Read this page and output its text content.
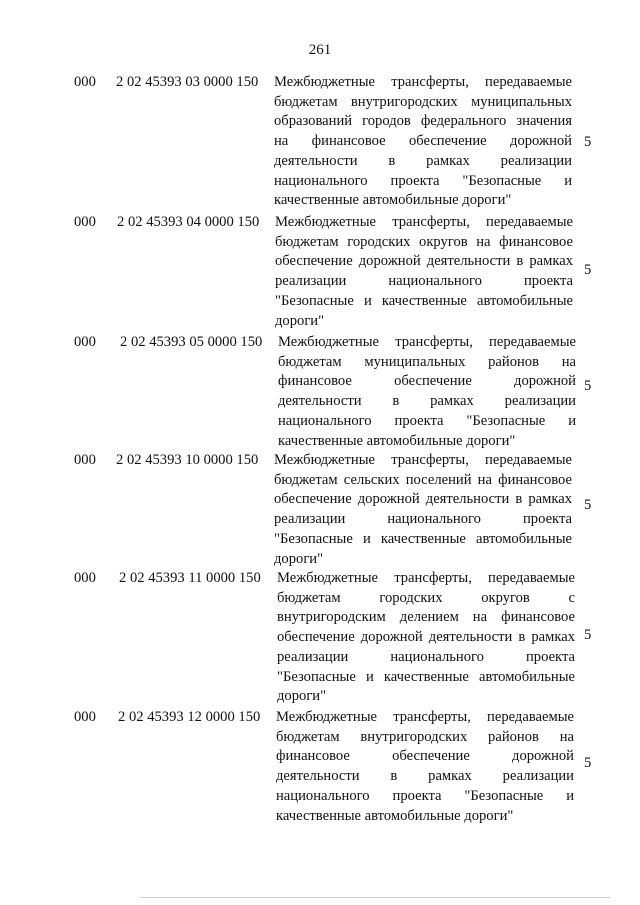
261
000 2 02 45393 03 0000 150 Межбюджетные трансферты, передаваемые
бюджетам внутригородских муниципальных
образований городов федерального значения
на финансовое обеспечение дорожной
деятельности в рамках реализации
национального проекта "Безопасные и
качественные автомобильные дороги"
5
000 2 02 45393 04 0000 150 Межбюджетные трансферты, передаваемые
бюджетам городских округов на финансовое
обеспечение дорожной деятельности в рамках
реализации национального проекта
"Безопасные и качественные автомобильные
дороги"
5
000 2 02 45393 05 0000 150 Межбюджетные трансферты, передаваемые
бюджетам муниципальных районов на
финансовое обеспечение дорожной
деятельности в рамках реализации
национального проекта "Безопасные и
качественные автомобильные дороги"
5
000 2 02 45393 10 0000 150 Межбюджетные трансферты, передаваемые
бюджетам сельских поселений на финансовое
обеспечение дорожной деятельности в рамках
реализации национального проекта
"Безопасные и качественные автомобильные
дороги"
5
000 2 02 45393 11 0000 150 Межбюджетные трансферты, передаваемые
бюджетам городских округов с
внутригородским делением на финансовое
обеспечение дорожной деятельности в рамках
реализации национального проекта
"Безопасные и качественные автомобильные
дороги"
5
000 2 02 45393 12 0000 150 Межбюджетные трансферты, передаваемые
бюджетам внутригородских районов на
финансовое обеспечение дорожной
деятельности в рамках реализации
национального проекта "Безопасные и
качественные автомобильные дороги"
5
